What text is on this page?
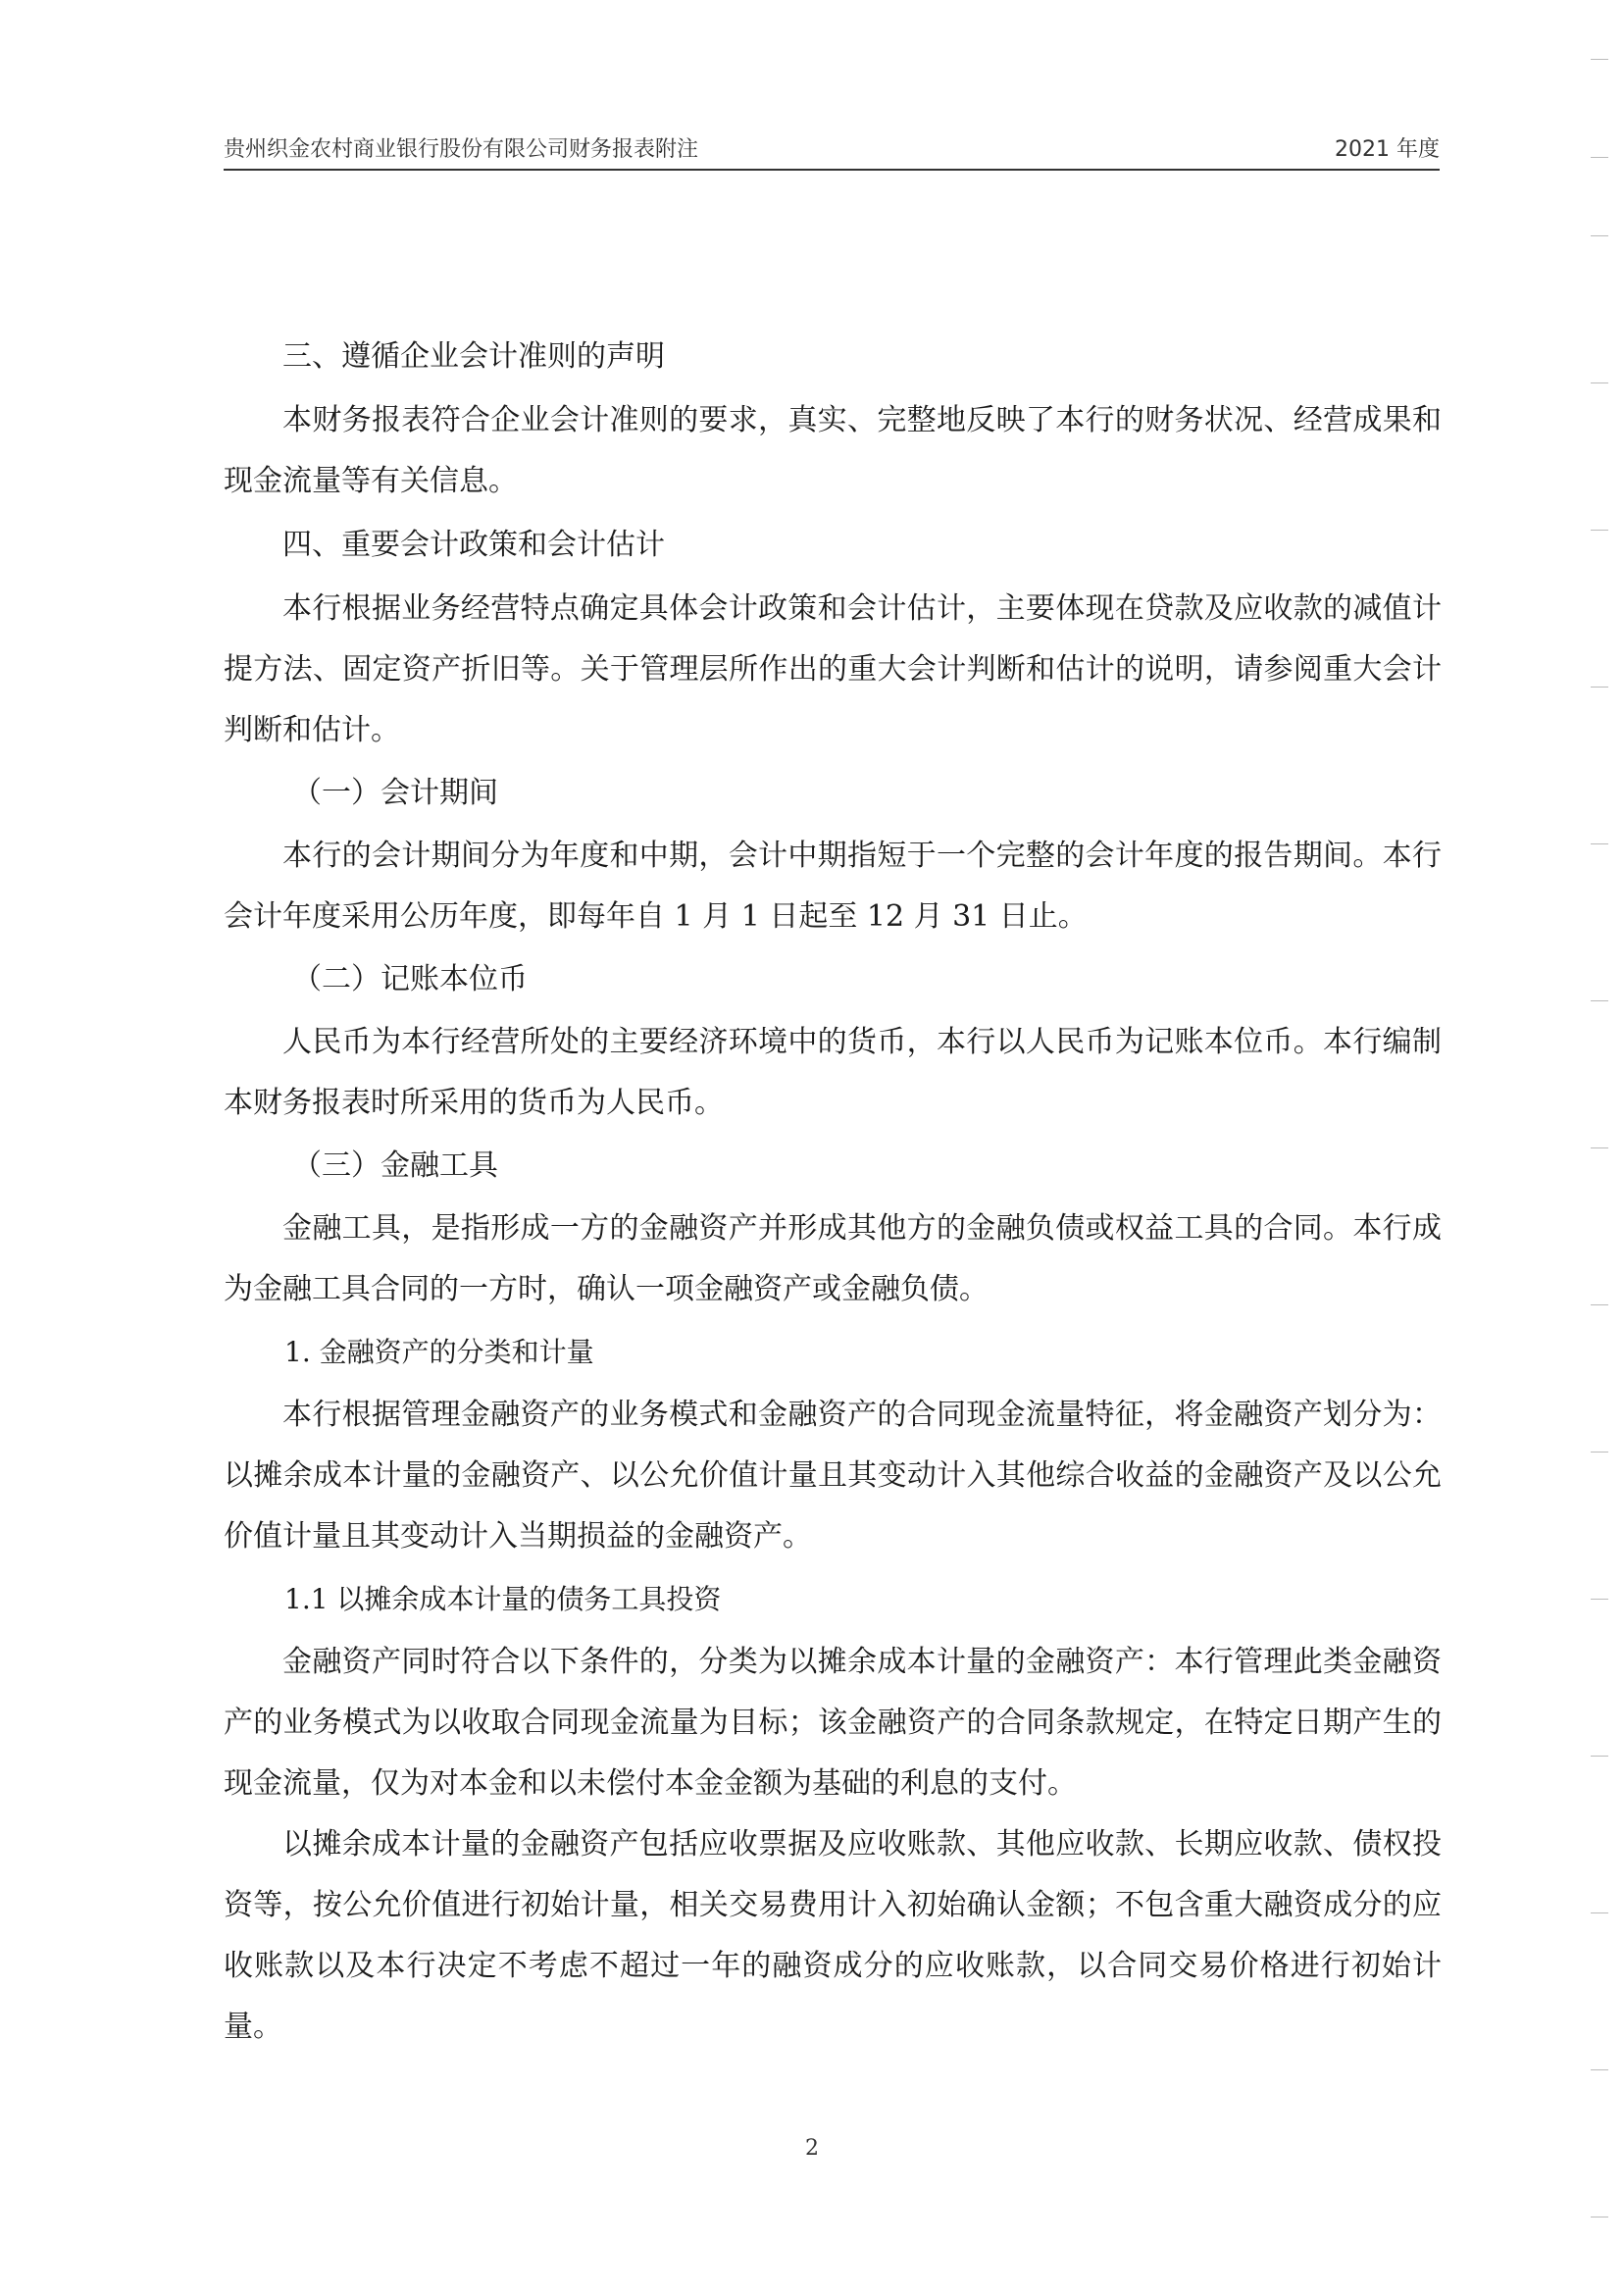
贵州织金农村商业银行股份有限公司财务报表附注	2021 年度
三、遵循企业会计准则的声明

本财务报表符合企业会计准则的要求，真实、完整地反映了本行的财务状况、经营成果和现金流量等有关信息。

四、重要会计政策和会计估计

本行根据业务经营特点确定具体会计政策和会计估计，主要体现在贷款及应收款的减值计提方法、固定资产折旧等。关于管理层所作出的重大会计判断和估计的说明，请参阅重大会计判断和估计。

（一）会计期间

本行的会计期间分为年度和中期，会计中期指短于一个完整的会计年度的报告期间。本行会计年度采用公历年度，即每年自 1 月 1 日起至 12 月 31 日止。

（二）记账本位币

人民币为本行经营所处的主要经济环境中的货币，本行以人民币为记账本位币。本行编制本财务报表时所采用的货币为人民币。

（三）金融工具

金融工具，是指形成一方的金融资产并形成其他方的金融负债或权益工具的合同。本行成为金融工具合同的一方时，确认一项金融资产或金融负债。

1. 金融资产的分类和计量

本行根据管理金融资产的业务模式和金融资产的合同现金流量特征，将金融资产划分为：以摊余成本计量的金融资产、以公允价值计量且其变动计入其他综合收益的金融资产及以公允价值计量且其变动计入当期损益的金融资产。

1.1 以摊余成本计量的债务工具投资

金融资产同时符合以下条件的，分类为以摊余成本计量的金融资产：本行管理此类金融资产的业务模式为以收取合同现金流量为目标；该金融资产的合同条款规定，在特定日期产生的现金流量，仅为对本金和以未偿付本金金额为基础的利息的支付。

以摊余成本计量的金融资产包括应收票据及应收账款、其他应收款、长期应收款、债权投资等，按公允价值进行初始计量，相关交易费用计入初始确认金额；不包含重大融资成分的应收账款以及本行决定不考虑不超过一年的融资成分的应收账款，以合同交易价格进行初始计量。

2
